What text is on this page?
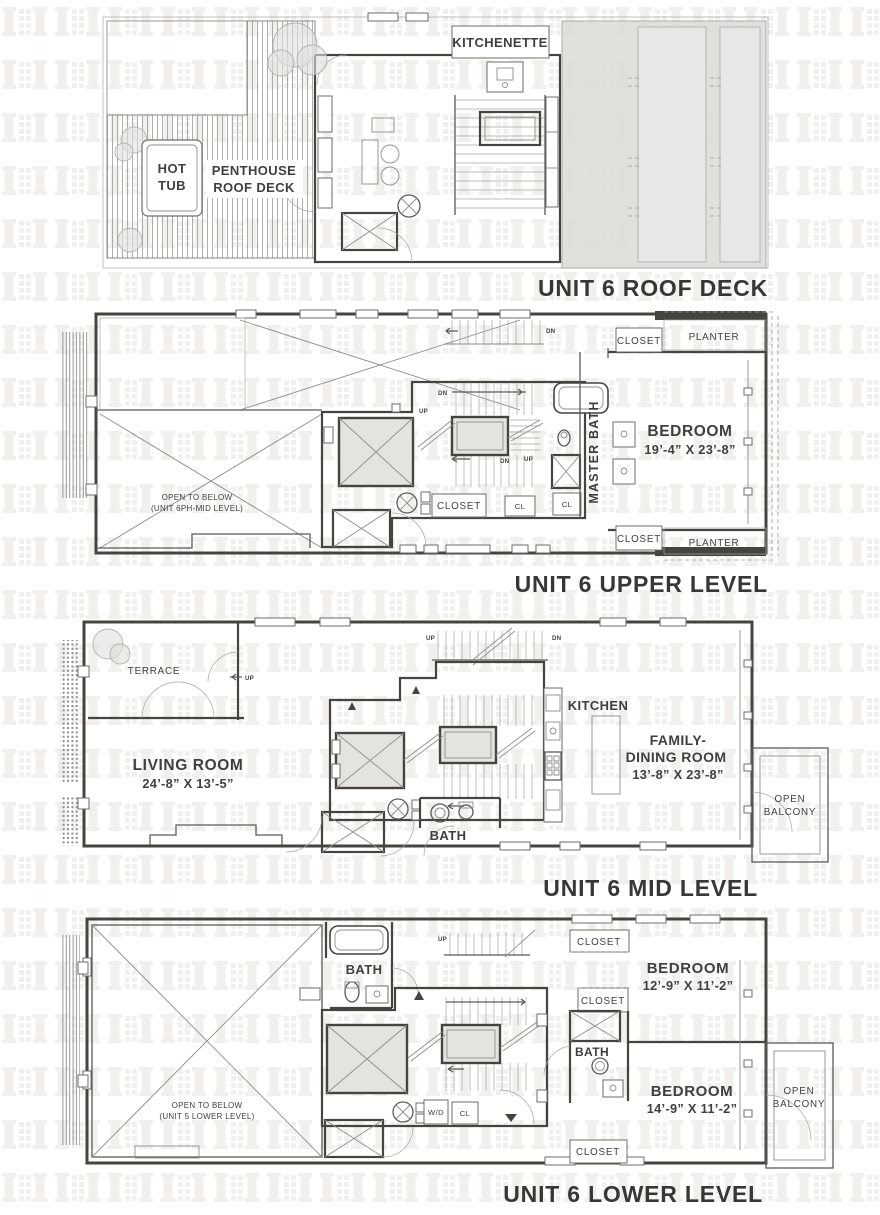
KITCHENETTE
HOT
TUB
PENTHOUSE
ROOF DECK
UNIT 6 ROOF DECK
OPEN TO BELOW
(UNIT 6PH-MID LEVEL)
DN
DN
UP
DN UP
CLOSET	CL	CL
MASTER BATH	BEDROOM
19’-4” X 23’-8”
CLOSET	PLANTER
CLOSET	PLANTER
UNIT 6 UPPER LEVEL
TERRACE
UP
UP	DN
LIVING ROOM
24’-8” X 13’-5”
BATH
KITCHEN
FAMILY-
DINING ROOM
13’-8” X 23’-8”
OPEN
BALCONY
UNIT 6 MID LEVEL
OPEN TO BELOW
(UNIT 5 LOWER LEVEL)
BATH
UP
W/D CL
CLOSET
BEDROOM
12’-9” X 11’-2”
CLOSET
BATH
BEDROOM
14’-9” X 11’-2”
CLOSET
OPEN
BALCONY
UNIT 6 LOWER LEVEL
